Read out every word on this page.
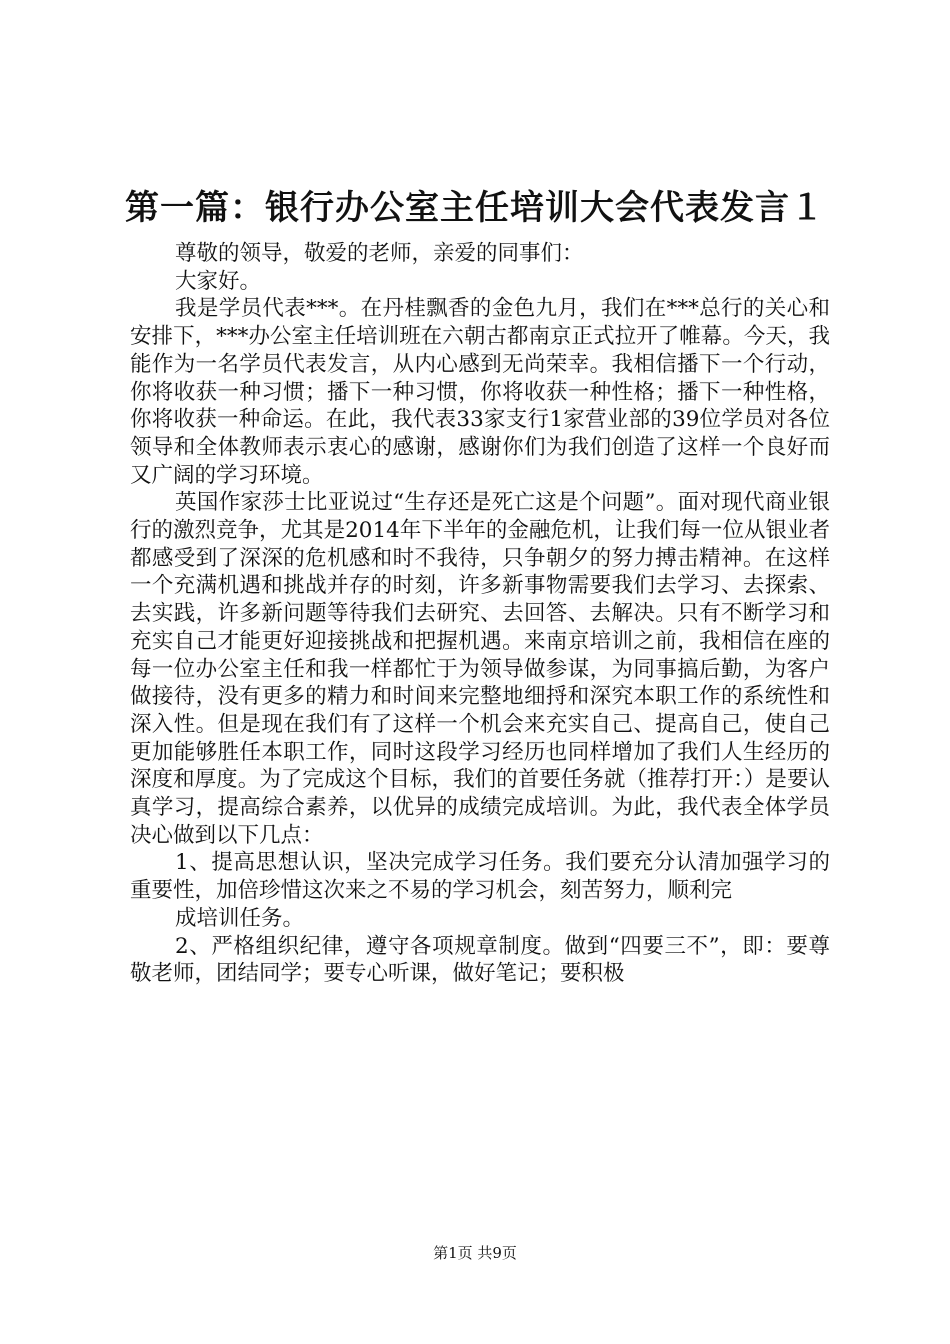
第一篇：银行办公室主任培训大会代表发言１

尊敬的领导，敬爱的老师，亲爱的同事们：

大家好。

我是学员代表***。在丹桂飘香的金色九月，我们在***总行的关心和安排下，***办公室主任培训班在六朝古都南京正式拉开了帷幕。今天，我能作为一名学员代表发言，从内心感到无尚荣幸。我相信播下一个行动，你将收获一种习惯；播下一种习惯，你将收获一种性格；播下一种性格，你将收获一种命运。在此，我代表33家支行1家营业部的39位学员对各位领导和全体教师表示衷心的感谢，感谢你们为我们创造了这样一个良好而又广阔的学习环境。

英国作家莎士比亚说过“生存还是死亡这是个问题”。面对现代商业银行的激烈竞争，尤其是2014年下半年的金融危机，让我们每一位从银业者都感受到了深深的危机感和时不我待，只争朝夕的努力搏击精神。在这样一个充满机遇和挑战并存的时刻，许多新事物需要我们去学习、去探索、去实践，许多新问题等待我们去研究、去回答、去解决。只有不断学习和充实自己才能更好迎接挑战和把握机遇。来南京培训之前，我相信在座的每一位办公室主任和我一样都忙于为领导做参谋，为同事搞后勤，为客户做接待，没有更多的精力和时间来完整地细捋和深究本职工作的系统性和深入性。但是现在我们有了这样一个机会来充实自己、提高自己，使自己更加能够胜任本职工作，同时这段学习经历也同样增加了我们人生经历的深度和厚度。为了完成这个目标，我们的首要任务就（推荐打开：）是要认真学习，提高综合素养，以优异的成绩完成培训。为此，我代表全体学员决心做到以下几点：

1、提高思想认识，坚决完成学习任务。我们要充分认清加强学习的重要性，加倍珍惜这次来之不易的学习机会，刻苦努力，顺利完

成培训任务。

2、严格组织纪律，遵守各项规章制度。做到“四要三不”，即：要尊敬老师，团结同学；要专心听课，做好笔记；要积极

第1页 共9页
